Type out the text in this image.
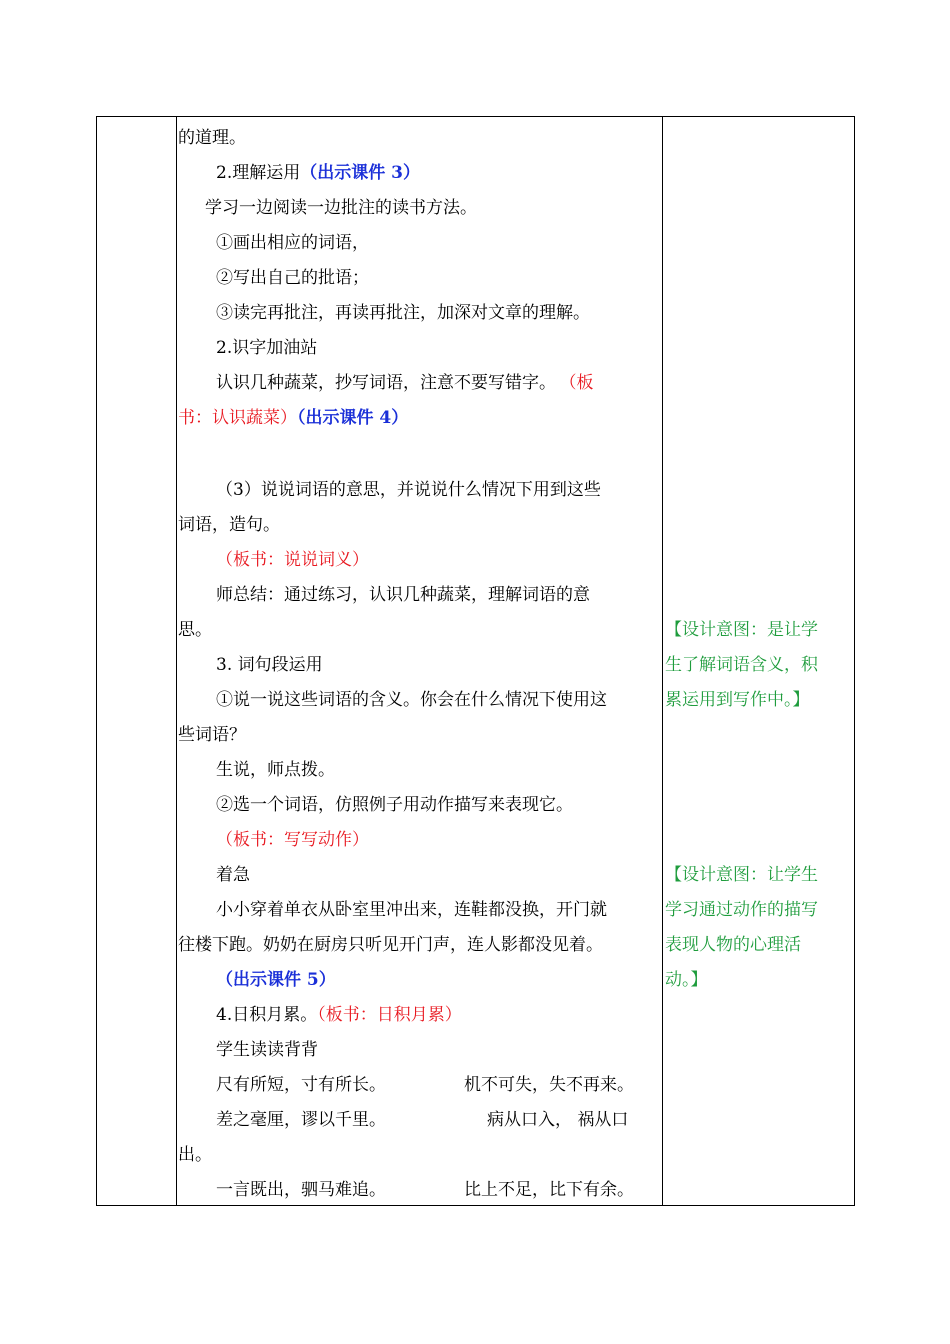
的道理。
2.理解运用（出示课件 3）
学习一边阅读一边批注的读书方法。
①画出相应的词语，
②写出自己的批语；
③读完再批注，再读再批注，加深对文章的理解。
2.识字加油站
认识几种蔬菜，抄写词语，注意不要写错字。 （板
书：认识蔬菜）（出示课件 4）
（3）说说词语的意思，并说说什么情况下用到这些
词语，造句。
（板书：说说词义）
师总结：通过练习，认识几种蔬菜，理解词语的意
思。
3. 词句段运用
①说一说这些词语的含义。你会在什么情况下使用这
些词语？
生说，师点拨。
②选一个词语，仿照例子用动作描写来表现它。
（板书：写写动作）
着急
小小穿着单衣从卧室里冲出来，连鞋都没换，开门就
往楼下跑。奶奶在厨房只听见开门声，连人影都没见着。
（出示课件 5）
4.日积月累。（板书：日积月累）
学生读读背背
尺有所短，寸有所长。	机不可失，失不再来。
差之毫厘，谬以千里。	病从口入， 祸从口
出。
一言既出，驷马难追。	比上不足，比下有余。
【设计意图：是让学
生了解词语含义，积
累运用到写作中。】
【设计意图：让学生
学习通过动作的描写
表现人物的心理活
动。】
